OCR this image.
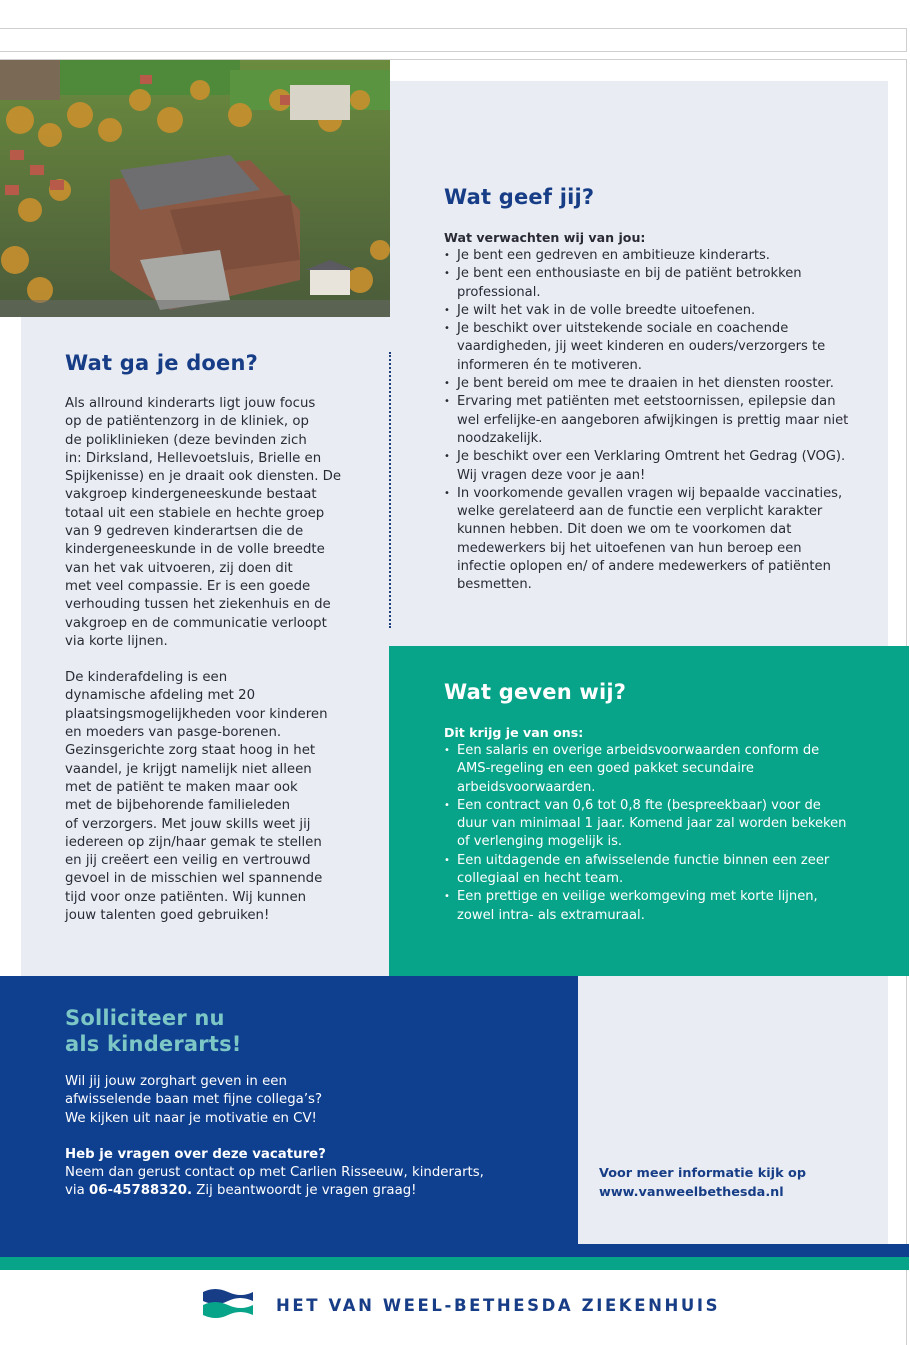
Wat geef jij?
Wat verwachten wij van jou:
• Je bent een gedreven en ambitieuze kinderarts.
• Je bent een enthousiaste en bij de patiënt betrokken professional.
• Je wilt het vak in de volle breedte uitoefenen.
• Je beschikt over uitstekende sociale en coachende vaardigheden, jij weet kinderen en ouders/verzorgers te informeren én te motiveren.
• Je bent bereid om mee te draaien in het diensten rooster.
• Ervaring met patiënten met eetstoornissen, epilepsie dan wel erfelijke-en aangeboren afwijkingen is prettig maar niet noodzakelijk.
• Je beschikt over een Verklaring Omtrent het Gedrag (VOG). Wij vragen deze voor je aan!
• In voorkomende gevallen vragen wij bepaalde vaccinaties, welke gerelateerd aan de functie een verplicht karakter kunnen hebben. Dit doen we om te voorkomen dat medewerkers bij het uitoefenen van hun beroep een infectie oplopen en/ of andere medewerkers of patiënten besmetten.
Wat ga je doen?

Als allround kinderarts ligt jouw focus
op de patiëntenzorg in de kliniek, op
de poliklinieken (deze bevinden zich
in: Dirksland, Hellevoetsluis, Brielle en
Spijkenisse) en je draait ook diensten. De
vakgroep kindergeneeskunde bestaat
totaal uit een stabiele en hechte groep
van 9 gedreven kinderartsen die de
kindergeneeskunde in de volle breedte
van het vak uitvoeren, zij doen dit
met veel compassie. Er is een goede
verhouding tussen het ziekenhuis en de
vakgroep en de communicatie verloopt
via korte lijnen.

De kinderafdeling is een
dynamische afdeling met 20
plaatsingsmogelijkheden voor kinderen
en moeders van pasge-borenen.
Gezinsgerichte zorg staat hoog in het
vaandel, je krijgt namelijk niet alleen
met de patiënt te maken maar ook
met de bijbehorende familieleden
of verzorgers. Met jouw skills weet jij
iedereen op zijn/haar gemak te stellen
en jij creëert een veilig en vertrouwd
gevoel in de misschien wel spannende
tijd voor onze patiënten. Wij kunnen
jouw talenten goed gebruiken!

Wat geven wij?
Dit krijg je van ons:
• Een salaris en overige arbeidsvoorwaarden conform de AMS-regeling en een goed pakket secundaire arbeidsvoorwaarden.
• Een contract van 0,6 tot 0,8 fte (bespreekbaar) voor de duur van minimaal 1 jaar. Komend jaar zal worden bekeken of verlenging mogelijk is.
• Een uitdagende en afwisselende functie binnen een zeer collegiaal en hecht team.
• Een prettige en veilige werkomgeving met korte lijnen, zowel intra- als extramuraal.
Solliciteer nu
als kinderarts!

Wil jij jouw zorghart geven in een
afwisselende baan met fijne collega’s?
We kijken uit naar je motivatie en CV!

Heb je vragen over deze vacature?
Neem dan gerust contact op met Carlien Risseeuw, kinderarts,
via 06-45788320. Zij beantwoordt je vragen graag!
Voor meer informatie kijk op
www.vanweelbethesda.nl
HET VAN WEEL-BETHESDA ZIEKENHUIS
